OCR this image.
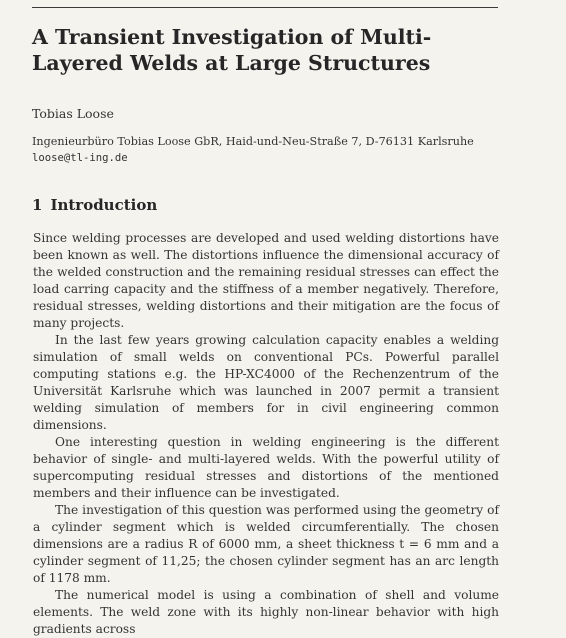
A Transient Investigation of Multi-Layered Welds at Large Structures
Tobias Loose
Ingenieurbüro Tobias Loose GbR, Haid-und-Neu-Straße 7, D-76131 Karlsruhe
loose@tl-ing.de
1 Introduction

Since welding processes are developed and used welding distortions have been known as well. The distortions influence the dimensional accuracy of the welded construction and the remaining residual stresses can effect the load carring capacity and the stiffness of a member negatively. Therefore, residual stresses, welding distortions and their mitigation are the focus of many projects.

In the last few years growing calculation capacity enables a welding simulation of small welds on conventional PCs. Powerful parallel computing stations e.g. the HP-XC4000 of the Rechenzentrum of the Universität Karlsruhe which was launched in 2007 permit a transient welding simulation of members for in civil engineering common dimensions.

One interesting question in welding engineering is the different behavior of single- and multi-layered welds. With the powerful utility of supercomputing residual stresses and distortions of the mentioned members and their influence can be investigated.

The investigation of this question was performed using the geometry of a cylinder segment which is welded circumferentially. The chosen dimensions are a radius R of 6000 mm, a sheet thickness t = 6 mm and a cylinder segment of 11,25; the chosen cylinder segment has an arc length of 1178 mm.

The numerical model is using a combination of shell and volume elements. The weld zone with its highly non-linear behavior with high gradients across
